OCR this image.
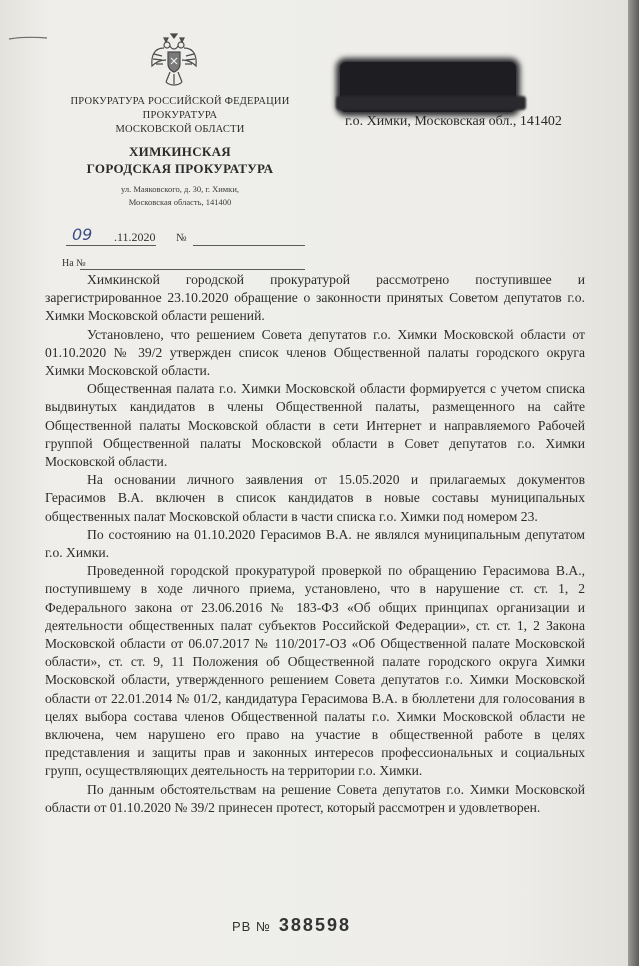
ПРОКУРАТУРА РОССИЙСКОЙ ФЕДЕРАЦИИ
ПРОКУРАТУРА
МОСКОВСКОЙ ОБЛАСТИ
ХИМКИНСКАЯ
ГОРОДСКАЯ ПРОКУРАТУРА
ул. Маяковского, д. 30, г. Химки,
Московская область, 141400
г.о. Химки, Московская обл., 141402
09 .11.2020 №
На №

Химкинской городской прокуратурой рассмотрено поступившее и зарегистрированное 23.10.2020 обращение о законности принятых Советом депутатов г.о. Химки Московской области решений.

Установлено, что решением Совета депутатов г.о. Химки Московской области от 01.10.2020 № 39/2 утвержден список членов Общественной палаты городского округа Химки Московской области.

Общественная палата г.о. Химки Московской области формируется с учетом списка выдвинутых кандидатов в члены Общественной палаты, размещенного на сайте Общественной палаты Московской области в сети Интернет и направляемого Рабочей группой Общественной палаты Московской области в Совет депутатов г.о. Химки Московской области.

На основании личного заявления от 15.05.2020 и прилагаемых документов Герасимов В.А. включен в список кандидатов в новые составы муниципальных общественных палат Московской области в части списка г.о. Химки под номером 23.

По состоянию на 01.10.2020 Герасимов В.А. не являлся муниципальным депутатом г.о. Химки.

Проведенной городской прокуратурой проверкой по обращению Герасимова В.А., поступившему в ходе личного приема, установлено, что в нарушение ст. ст. 1, 2 Федерального закона от 23.06.2016 № 183-ФЗ «Об общих принципах организации и деятельности общественных палат субъектов Российской Федерации», ст. ст. 1, 2 Закона Московской области от 06.07.2017 № 110/2017-ОЗ «Об Общественной палате Московской области», ст. ст. 9, 11 Положения об Общественной палате городского округа Химки Московской области, утвержденного решением Совета депутатов г.о. Химки Московской области от 22.01.2014 № 01/2, кандидатура Герасимова В.А. в бюллетени для голосования в целях выбора состава членов Общественной палаты г.о. Химки Московской области не включена, чем нарушено его право на участие в общественной работе в целях представления и защиты прав и законных интересов профессиональных и социальных групп, осуществляющих деятельность на территории г.о. Химки.

По данным обстоятельствам на решение Совета депутатов г.о. Химки Московской области от 01.10.2020 № 39/2 принесен протест, который рассмотрен и удовлетворен.

РВ № 388598
